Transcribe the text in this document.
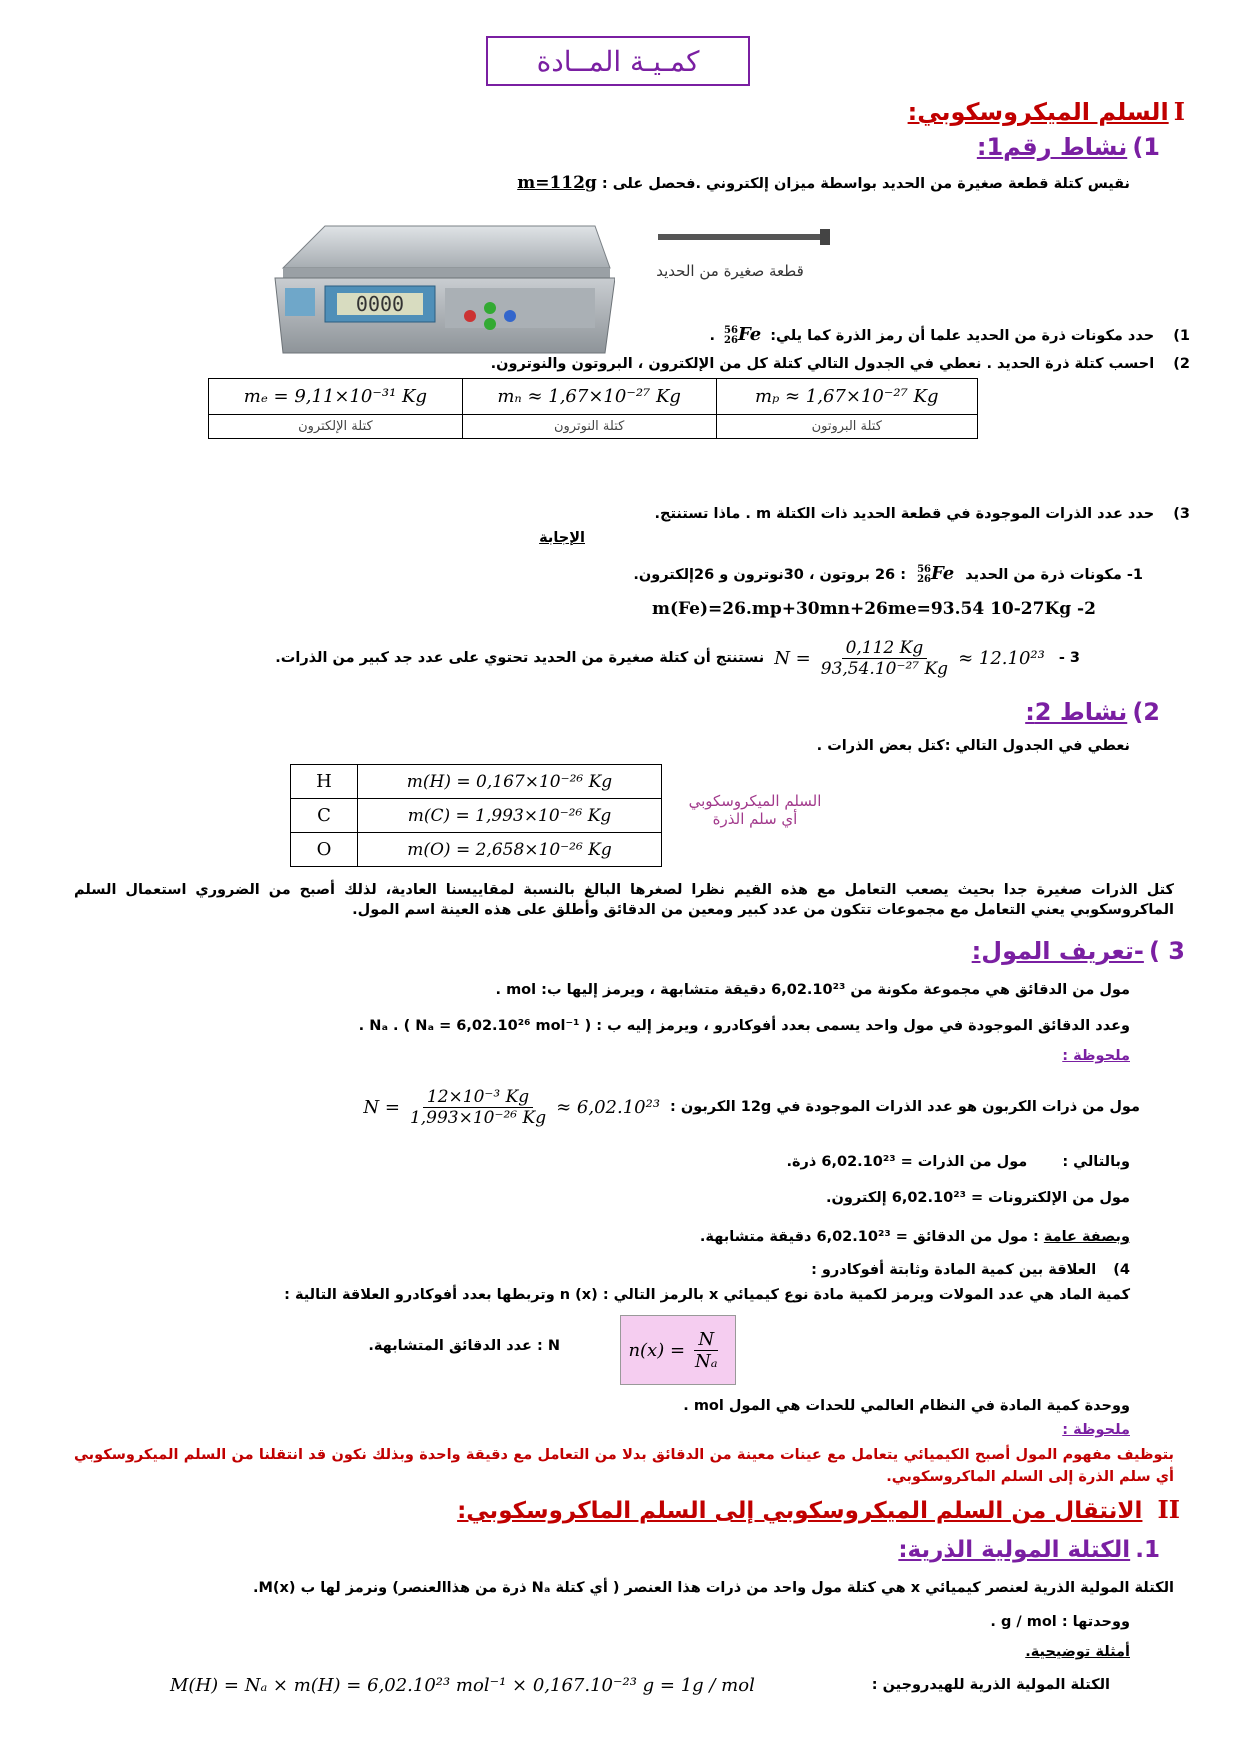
كمـيـة المــادة
I السلم الميكروسكوبي:
1) نشاط رقم1:
نقيس كتلة قطعة صغيرة من الحديد بواسطة ميزان إلكتروني .فحصل على : m=112g
0000
قطعة صغيرة من الحديد
1) حدد مكونات ذرة من الحديد علما أن رمز الذرة كما يلي:
56
26 Fe .
2) احسب كتلة ذرة الحديد . نعطي في الجدول التالي كتلة كل من الإلكترون ، البروتون والنوترون.
mₑ = 9,11×10⁻³¹ Kg	mₙ ≈ 1,67×10⁻²⁷ Kg	mₚ ≈ 1,67×10⁻²⁷ Kg
كتلة الإلكترون	كتلة النوترون	كتلة البروتون
3) حدد عدد الذرات الموجودة في قطعة الحديد ذات الكتلة m . ماذا تستنتج.
الإجابة
1- مكونات ذرة من الحديد
56
26 Fe : 26 بروتون ، 30نوترون و 26إلكترون.
m(Fe)=26.mp+30mn+26me=93.54 10-27Kg -2
3 -
$N = \frac{0,112 Kg}{\text{93,54.10⁻²⁷ Kg}} \approx 12.10^{23}$
نستنتج أن كتلة صغيرة من الحديد تحتوي على عدد جد كبير من الذرات.
2) نشاط 2:
نعطي في الجدول التالي :كتل بعض الذرات .
H	m(H) = 0,167×10⁻²⁶ Kg
C	m(C) = 1,993×10⁻²⁶ Kg
O	m(O) = 2,658×10⁻²⁶ Kg
السلم الميكروسكوبي
أي سلم الذرة
كتل الذرات صغيرة جدا بحيث يصعب التعامل مع هذه القيم نظرا لصغرها البالغ بالنسبة لمقاييسنا العادية، لذلك أصبح من الضروري استعمال السلم الماكروسكوبي يعني التعامل مع مجموعات تتكون من عدد كبير ومعين من الدقائق وأطلق على هذه العينة اسم المول.
3 ) -تعريف المول:
مول من الدقائق هي مجموعة مكونة من 6,02.10²³ دقيقة متشابهة ، ويرمز إليها ب: mol .
وعدد الدقائق الموجودة في مول واحد يسمى بعدد أفوكادرو ، ويرمز إليه ب : Nₐ . ( Nₐ = 6,02.10²⁶ mol⁻¹ ) .
ملحوظة :
مول من ذرات الكربون هو عدد الذرات الموجودة في 12g الكربون :
$N = \frac{\text{12×10⁻³ Kg}}{\text{1,993×10⁻²⁶ Kg}} \approx 6,02.10^{23}$
وبالتالي : مول من الذرات = 6,02.10²³ ذرة.
مول من الإلكترونات = 6,02.10²³ إلكترون.
وبصفة عامة : مول من الدقائق = 6,02.10²³ دقيقة متشابهة.
4) العلاقة بين كمية المادة وثابتة أفوكادرو :
كمية الماد هي عدد المولات ويرمز لكمية مادة نوع كيميائي x بالرمز التالي : n (x) وتربطها بعدد أفوكادرو العلاقة التالية :
$n(x) = \frac{N}{\text{Nₐ}}$
N : عدد الدقائق المتشابهة.
ووحدة كمية المادة في النظام العالمي للحدات هي المول mol .
ملحوظة :
بتوظيف مفهوم المول أصبح الكيميائي يتعامل مع عينات معينة من الدقائق بدلا من التعامل مع دقيقة واحدة وبذلك نكون قد انتقلنا من السلم الميكروسكوبي أي سلم الذرة إلى السلم الماكروسكوبي.
II الانتقال من السلم الميكروسكوبي إلى السلم الماكروسكوبي:
1. الكتلة المولية الذرية:
الكتلة المولية الذرية لعنصر كيميائي x هي كتلة مول واحد من ذرات هذا العنصر ( أي كتلة Nₐ ذرة من هذاالعنصر) ونرمز لها ب M(x).
ووحدتها : g / mol .
أمثلة توضيحية.
الكتلة المولية الذرية للهيدروجين :
M(H) = Nₐ × m(H) = 6,02.10²³ mol⁻¹ × 0,167.10⁻²³ g = 1g / mol
